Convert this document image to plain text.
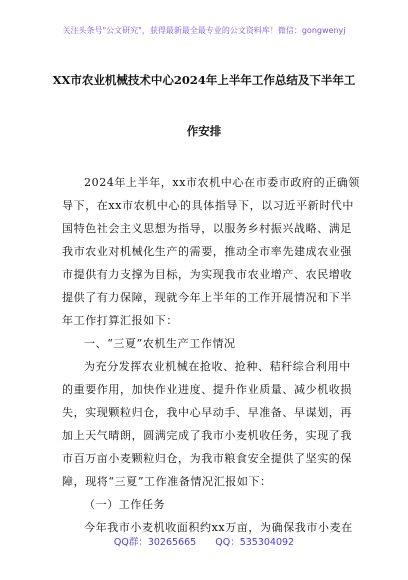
关注头条号"公文研究"，获得最新最全最专业的公文资料库！微信：gongwenyj
XX市农业机械技术中心2024年上半年工作总结及下半年工
作安排
2024年上半年，xx市农机中心在市委市政府的正确领
导下，在xx市农机中心的具体指导下，以习近平新时代中
国特色社会主义思想为指导，以服务乡村振兴战略、满足
我市农业对机械化生产的需要，推动全市率先建成农业强
市提供有力支撑为目标，为实现我市农业增产、农民增收
提供了有力保障，现就今年上半年的工作开展情况和下半
年工作打算汇报如下：
一、“三夏”农机生产工作情况
为充分发挥农业机械在抢收、抢种、秸秆综合利用中
的重要作用，加快作业进度、提升作业质量、减少机收损
失，实现颗粒归仓，我中心早动手、早准备、早谋划，再
加上天气晴朗，圆满完成了我市小麦机收任务，实现了我
市百万亩小麦颗粒归仓，为我市粮食安全提供了坚实的保
障，现将“三夏”工作准备情况汇报如下：
（一）工作任务
今年我市小麦机收面积约xx万亩，为确保我市小麦在
QQ群：30265665 QQ：535304092
